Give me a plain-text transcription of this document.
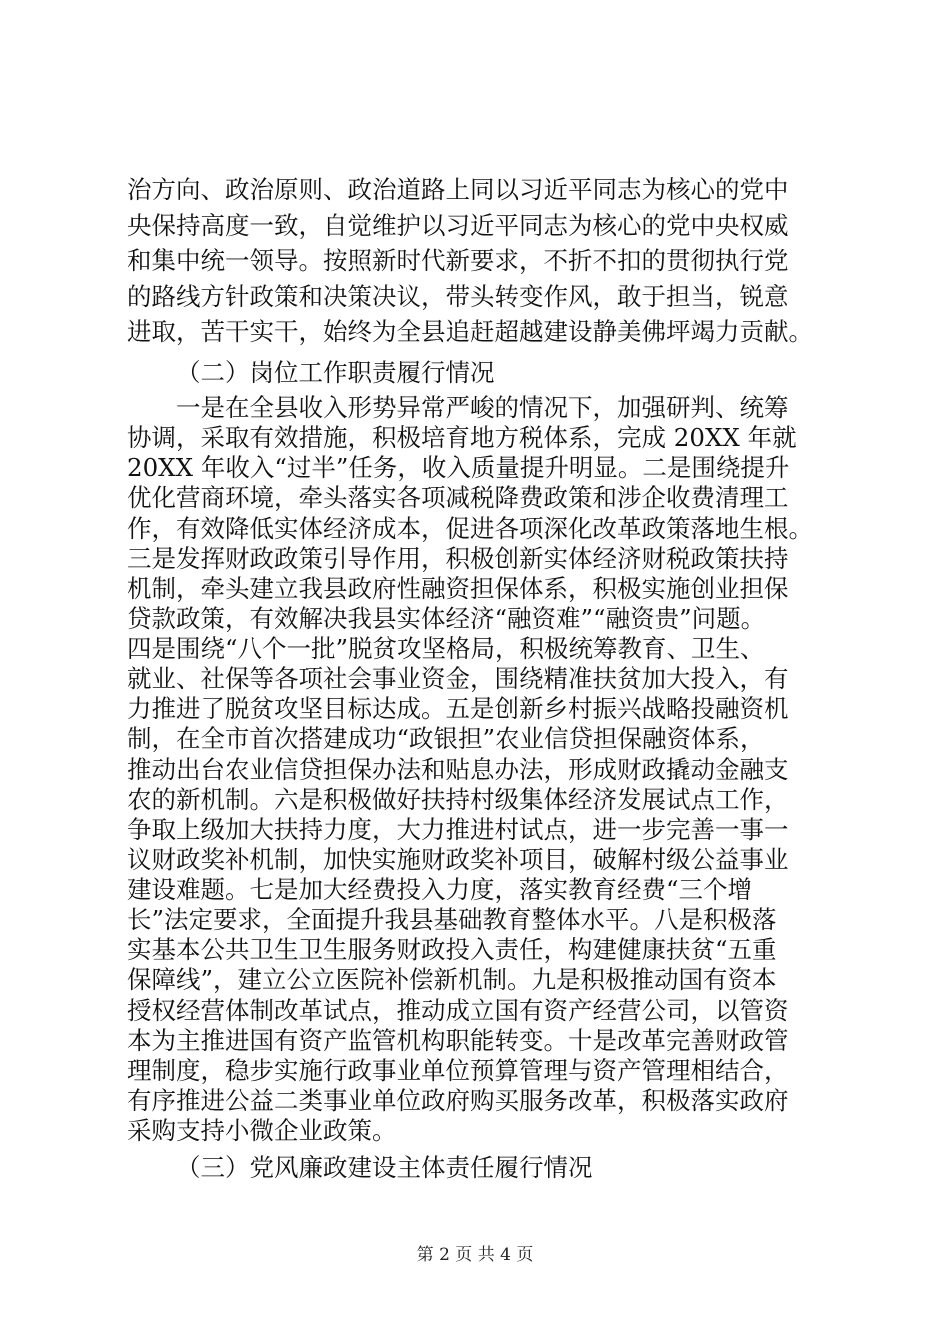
治方向、政治原则、政治道路上同以习近平同志为核心的党中
央保持高度一致，自觉维护以习近平同志为核心的党中央权威
和集中统一领导。按照新时代新要求，不折不扣的贯彻执行党
的路线方针政策和决策决议，带头转变作风，敢于担当，锐意
进取，苦干实干，始终为全县追赶超越建设静美佛坪竭力贡献。
（二）岗位工作职责履行情况
一是在全县收入形势异常严峻的情况下，加强研判、统筹
协调，采取有效措施，积极培育地方税体系，完成 20XX 年就
20XX 年收入“过半”任务，收入质量提升明显。二是围绕提升
优化营商环境，牵头落实各项减税降费政策和涉企收费清理工
作，有效降低实体经济成本，促进各项深化改革政策落地生根。
三是发挥财政政策引导作用，积极创新实体经济财税政策扶持
机制，牵头建立我县政府性融资担保体系，积极实施创业担保
贷款政策，有效解决我县实体经济“融资难”“融资贵”问题。
四是围绕“八个一批”脱贫攻坚格局，积极统筹教育、卫生、
就业、社保等各项社会事业资金，围绕精准扶贫加大投入，有
力推进了脱贫攻坚目标达成。五是创新乡村振兴战略投融资机
制，在全市首次搭建成功“政银担”农业信贷担保融资体系，
推动出台农业信贷担保办法和贴息办法，形成财政撬动金融支
农的新机制。六是积极做好扶持村级集体经济发展试点工作，
争取上级加大扶持力度，大力推进村试点，进一步完善一事一
议财政奖补机制，加快实施财政奖补项目，破解村级公益事业
建设难题。七是加大经费投入力度，落实教育经费“三个增
长”法定要求，全面提升我县基础教育整体水平。八是积极落
实基本公共卫生卫生服务财政投入责任，构建健康扶贫“五重
保障线”，建立公立医院补偿新机制。九是积极推动国有资本
授权经营体制改革试点，推动成立国有资产经营公司，以管资
本为主推进国有资产监管机构职能转变。十是改革完善财政管
理制度，稳步实施行政事业单位预算管理与资产管理相结合，
有序推进公益二类事业单位政府购买服务改革，积极落实政府
采购支持小微企业政策。
（三）党风廉政建设主体责任履行情况
第 2 页 共 4 页
